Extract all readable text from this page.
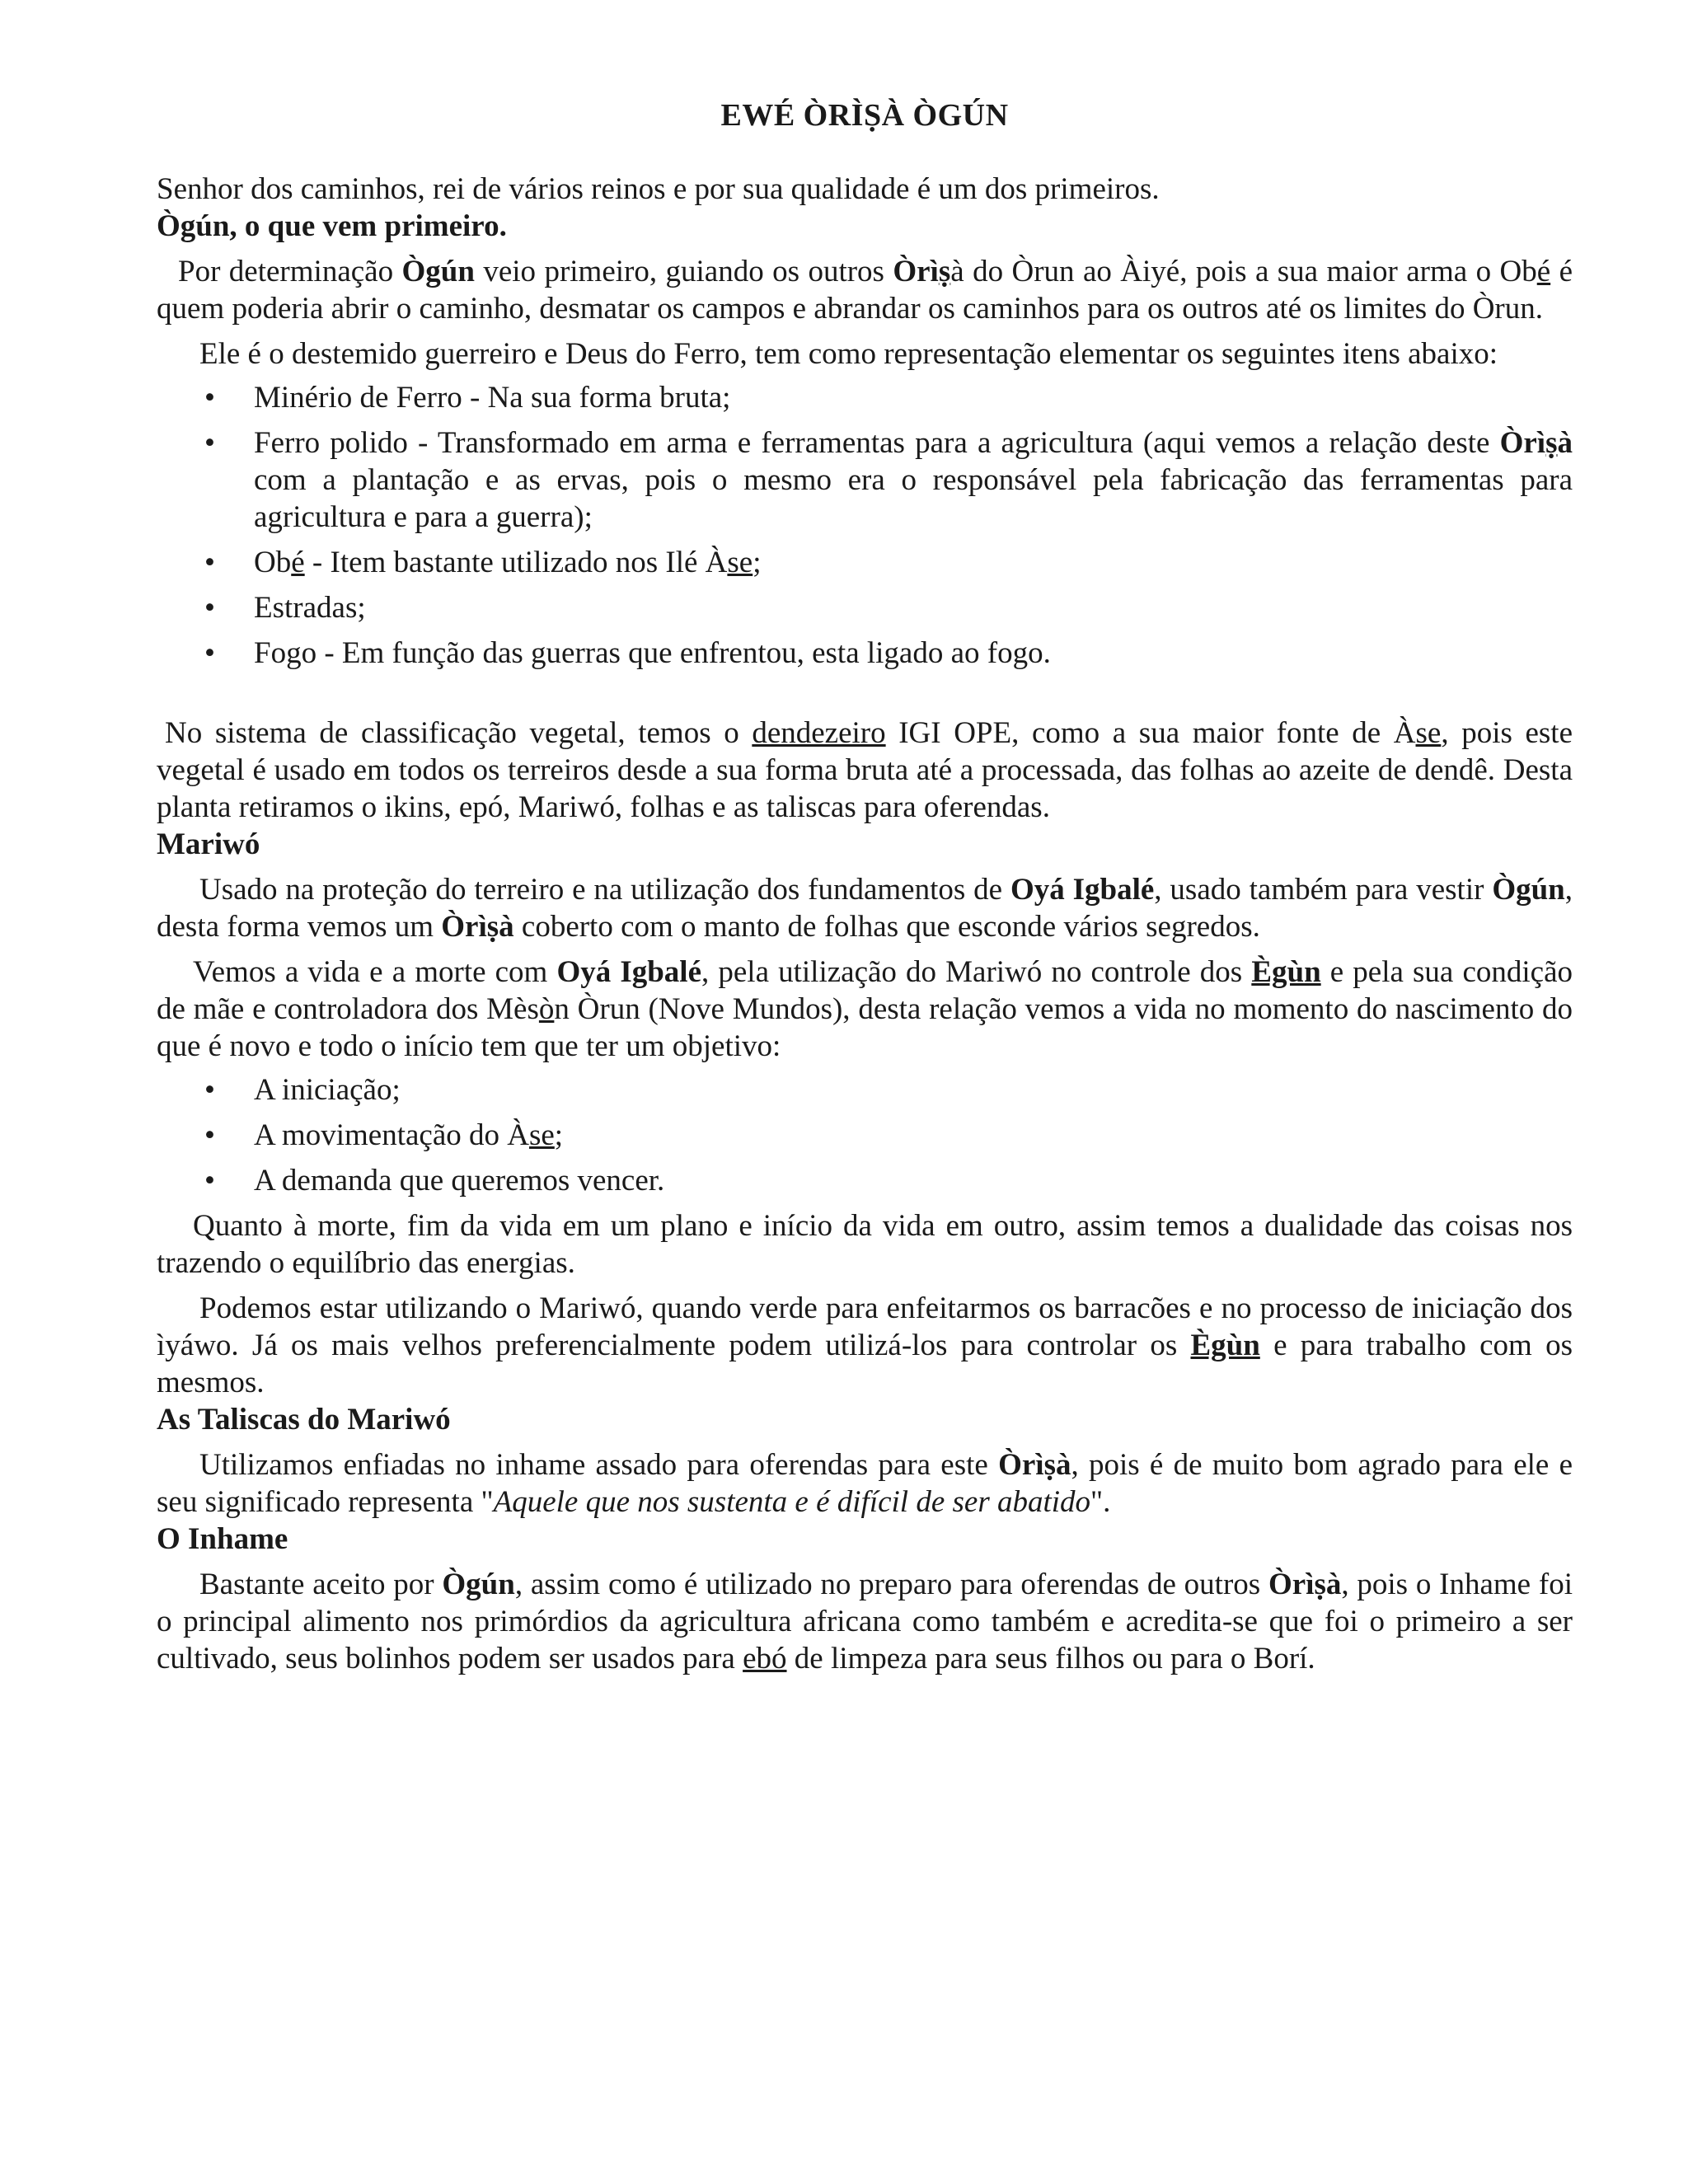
EWÉ ÒRÌṢÀ ÒGÚN

Senhor dos caminhos, rei de vários reinos e por sua qualidade é um dos primeiros.

Ògún, o que vem primeiro.

Por determinação Ògún veio primeiro, guiando os outros Òrìṣà do Òrun ao Àiyé, pois a sua maior arma o Obé é quem poderia abrir o caminho, desmatar os campos e abrandar os caminhos para os outros até os limites do Òrun.

Ele é o destemido guerreiro e Deus do Ferro, tem como representação elementar os seguintes itens abaixo:

• Minério de Ferro - Na sua forma bruta;
• Ferro polido - Transformado em arma e ferramentas para a agricultura (aqui vemos a relação deste Òrìṣà com a plantação e as ervas, pois o mesmo era o responsável pela fabricação das ferramentas para agricultura e para a guerra);
• Obé - Item bastante utilizado nos Ilé Àse;
• Estradas;
• Fogo - Em função das guerras que enfrentou, esta ligado ao fogo.

No sistema de classificação vegetal, temos o dendezeiro IGI OPE, como a sua maior fonte de Àse, pois este vegetal é usado em todos os terreiros desde a sua forma bruta até a processada, das folhas ao azeite de dendê. Desta planta retiramos o ikins, epó, Mariwó, folhas e as taliscas para oferendas.

Mariwó

Usado na proteção do terreiro e na utilização dos fundamentos de Oyá Igbalé, usado também para vestir Ògún, desta forma vemos um Òrìṣà coberto com o manto de folhas que esconde vários segredos.

Vemos a vida e a morte com Oyá Igbalé, pela utilização do Mariwó no controle dos Ègùn e pela sua condição de mãe e controladora dos Mèsòn Òrun (Nove Mundos), desta relação vemos a vida no momento do nascimento do que é novo e todo o início tem que ter um objetivo:

• A iniciação;
• A movimentação do Àse;
• A demanda que queremos vencer.

Quanto à morte, fim da vida em um plano e início da vida em outro, assim temos a dualidade das coisas nos trazendo o equilíbrio das energias.

Podemos estar utilizando o Mariwó, quando verde para enfeitarmos os barracões e no processo de iniciação dos ìyáwo. Já os mais velhos preferencialmente podem utilizá-los para controlar os Ègùn e para trabalho com os mesmos.

As Taliscas do Mariwó

Utilizamos enfiadas no inhame assado para oferendas para este Òrìṣà, pois é de muito bom agrado para ele e seu significado representa "Aquele que nos sustenta e é difícil de ser abatido".

O Inhame

Bastante aceito por Ògún, assim como é utilizado no preparo para oferendas de outros Òrìṣà, pois o Inhame foi o principal alimento nos primórdios da agricultura africana como também e acredita-se que foi o primeiro a ser cultivado, seus bolinhos podem ser usados para ebó de limpeza para seus filhos ou para o Borí.
